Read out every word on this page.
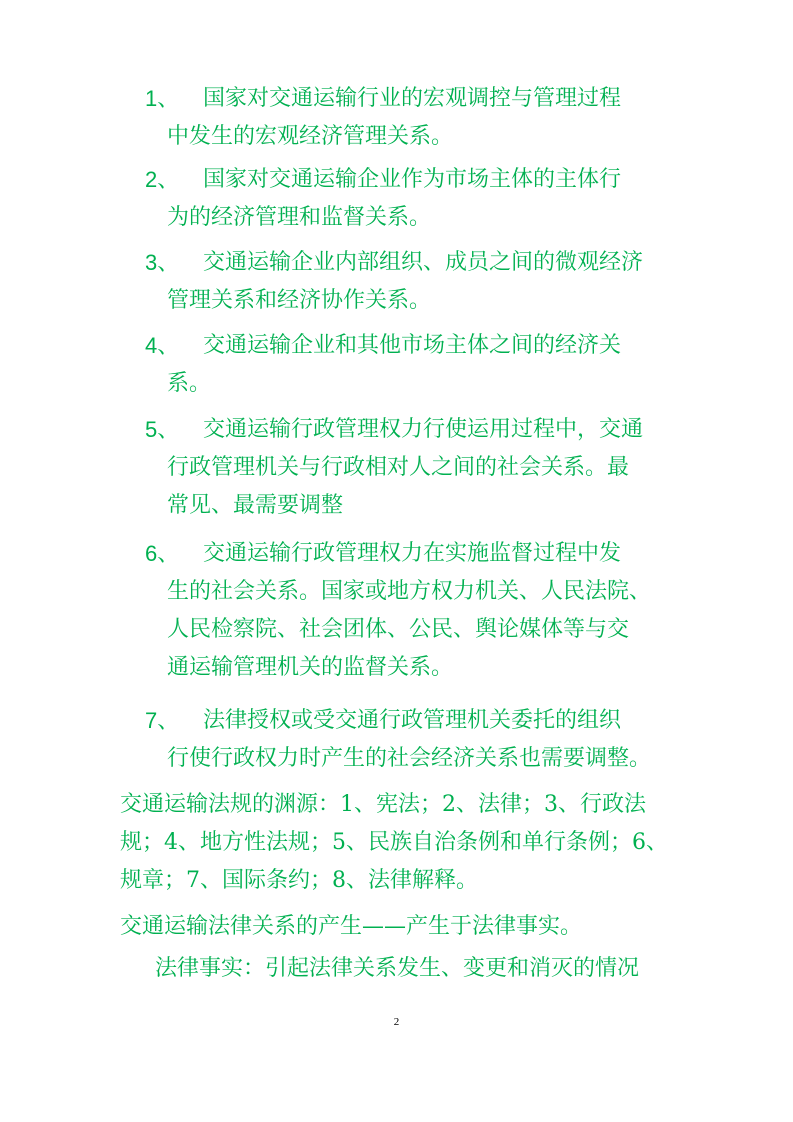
1、	国家对交通运输行业的宏观调控与管理过程
中发生的宏观经济管理关系。
2、	国家对交通运输企业作为市场主体的主体行
为的经济管理和监督关系。
3、	交通运输企业内部组织、成员之间的微观经济
管理关系和经济协作关系。
4、	交通运输企业和其他市场主体之间的经济关
系。
5、	交通运输行政管理权力行使运用过程中，交通
行政管理机关与行政相对人之间的社会关系。最
常见、最需要调整
6、	交通运输行政管理权力在实施监督过程中发
生的社会关系。国家或地方权力机关、人民法院、
人民检察院、社会团体、公民、舆论媒体等与交
通运输管理机关的监督关系。
7、	法律授权或受交通行政管理机关委托的组织
行使行政权力时产生的社会经济关系也需要调整。
交通运输法规的渊源：1、宪法；2、法律；3、行政法
规；4、地方性法规；5、民族自治条例和单行条例；6、
规章；7、国际条约；8、法律解释。
交通运输法律关系的产生——产生于法律事实。
法律事实：引起法律关系发生、变更和消灭的情况
2
